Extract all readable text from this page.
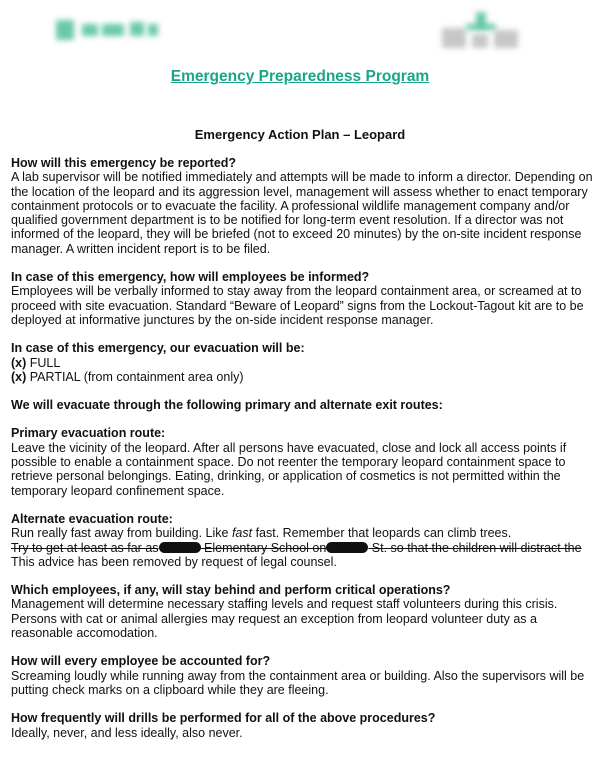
Emergency Preparedness Program
Emergency Action Plan – Leopard

How will this emergency be reported?

A lab supervisor will be notified immediately and attempts will be made to inform a director. Depending on the location of the leopard and its aggression level, management will assess whether to enact temporary containment protocols or to evacuate the facility. A professional wildlife management company and/or qualified government department is to be notified for long-term event resolution. If a director was not informed of the leopard, they will be briefed (not to exceed 20 minutes) by the on-site incident response manager. A written incident report is to be filed.

In case of this emergency, how will employees be informed?

Employees will be verbally informed to stay away from the leopard containment area, or screamed at to proceed with site evacuation. Standard “Beware of Leopard” signs from the Lockout-Tagout kit are to be deployed at informative junctures by the on-side incident response manager.

In case of this emergency, our evacuation will be:

(x) FULL

(x) PARTIAL (from containment area only)

We will evacuate through the following primary and alternate exit routes:

Primary evacuation route:

Leave the vicinity of the leopard. After all persons have evacuated, close and lock all access points if possible to enable a containment space. Do not reenter the temporary leopard containment space to retrieve personal belongings. Eating, drinking, or application of cosmetics is not permitted within the temporary leopard confinement space.

Alternate evacuation route:

Run really fast away from building. Like fast fast. Remember that leopards can climb trees.
Try to get at least as far as	Elementary School on	St. so that the children will distract the This advice has been removed by request of legal counsel.

Which employees, if any, will stay behind and perform critical operations?

Management will determine necessary staffing levels and request staff volunteers during this crisis. Persons with cat or animal allergies may request an exception from leopard volunteer duty as a reasonable accomodation.

How will every employee be accounted for?

Screaming loudly while running away from the containment area or building. Also the supervisors will be putting check marks on a clipboard while they are fleeing.

How frequently will drills be performed for all of the above procedures?

Ideally, never, and less ideally, also never.
